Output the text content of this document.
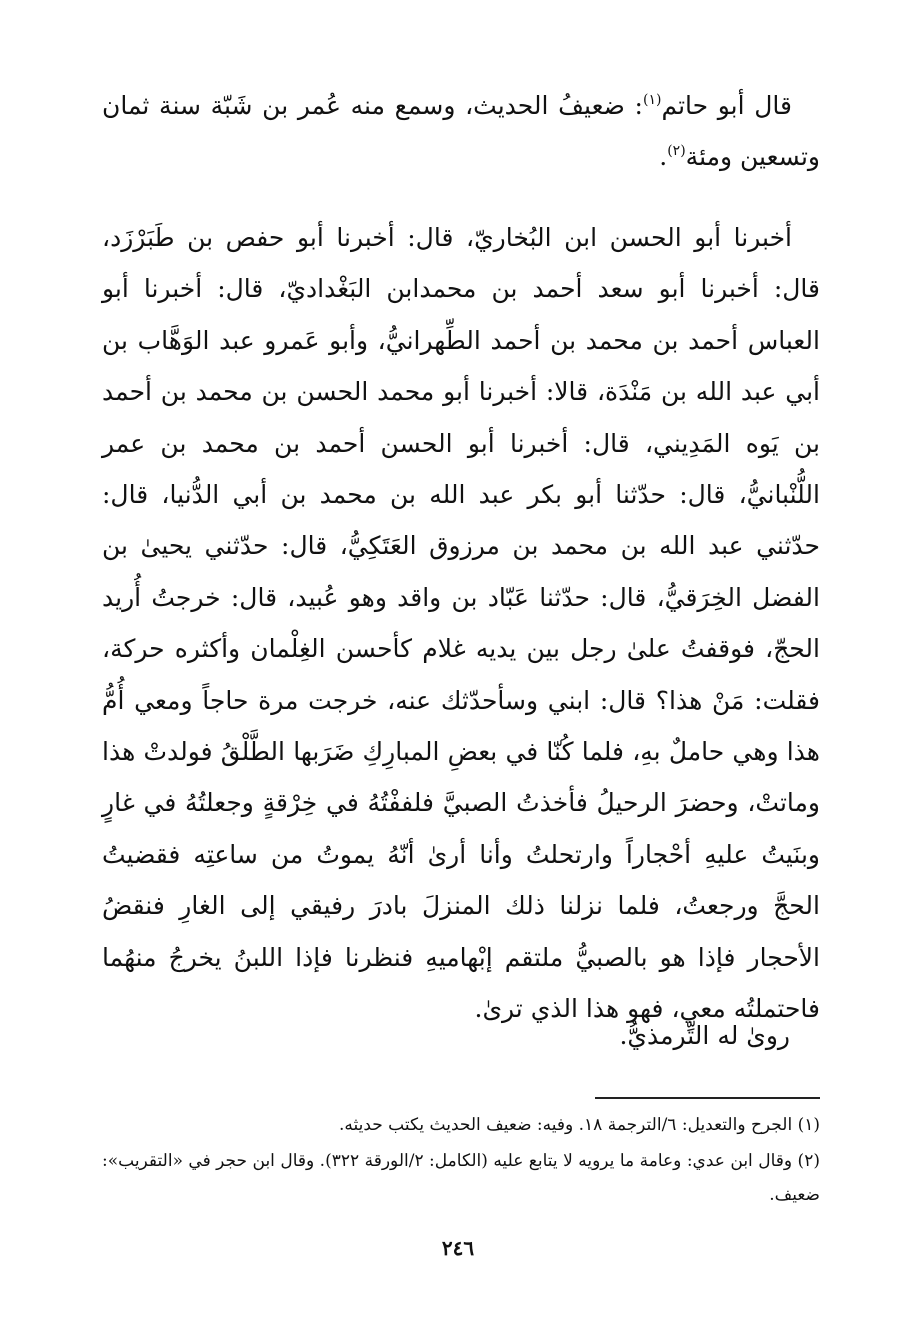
قال أبو حاتم$^{(١)}$: ضعيفُ الحديث، وسمع منه عُمر بن شَبّة سنة ثمان وتسعين ومئة$^{(٢)}$.

أخبرنا أبو الحسن ابن البُخاريّ، قال: أخبرنا أبو حفص بن طَبَرْزَد، قال: أخبرنا أبو سعد أحمد بن محمدابن البَغْداديّ، قال: أخبرنا أبو العباس أحمد بن محمد بن أحمد الطِّهرانيُّ، وأبو عَمرو عبد الوَهَّاب بن أبي عبد الله بن مَنْدَة، قالا: أخبرنا أبو محمد الحسن بن محمد بن أحمد بن يَوه المَدِيني، قال: أخبرنا أبو الحسن أحمد بن محمد بن عمر اللُّنْبانيُّ، قال: حدّثنا أبو بكر عبد الله بن محمد بن أبي الدُّنيا، قال: حدّثني عبد الله بن محمد بن مرزوق العَتَكِيُّ، قال: حدّثني يحيىٰ بن الفضل الخِرَقيُّ، قال: حدّثنا عَبّاد بن واقد وهو عُبيد، قال: خرجتُ أُريد الحجّ، فوقفتُ علىٰ رجل بين يديه غلام كأحسن الغِلْمان وأكثره حركة، فقلت: مَنْ هذا؟ قال: ابني وسأحدّثك عنه، خرجت مرة حاجاً ومعي أُمُّ هذا وهي حاملٌ بهِ، فلما كُنّا في بعضِ المبارِكِ ضَرَبها الطَّلْقُ فولدتْ هذا وماتتْ، وحضرَ الرحيلُ فأخذتُ الصبيَّ فلففْتُهُ في خِرْقةٍ وجعلتُهُ في غارٍ وبنَيتُ عليهِ أحْجاراً وارتحلتُ وأنا أرىٰ أنّهُ يموتُ من ساعتِه فقضيتُ الحجَّ ورجعتُ، فلما نزلنا ذلك المنزلَ بادرَ رفيقي إلى الغارِ فنقضُ الأحجار فإذا هو بالصبيُّ ملتقم إبْهاميهِ فنظرنا فإذا اللبنُ يخرجُ منهُما فاحتملتُه معي، فهو هذا الذي ترىٰ.

روىٰ له التِّرمذيُّ.

(١) الجرح والتعديل: ٦/الترجمة ١٨. وفيه: ضعيف الحديث يكتب حديثه.

(٢) وقال ابن عدي: وعامة ما يرويه لا يتابع عليه (الكامل: ٢/الورقة ٣٢٢). وقال ابن حجر في «التقريب»: ضعيف.

٢٤٦
